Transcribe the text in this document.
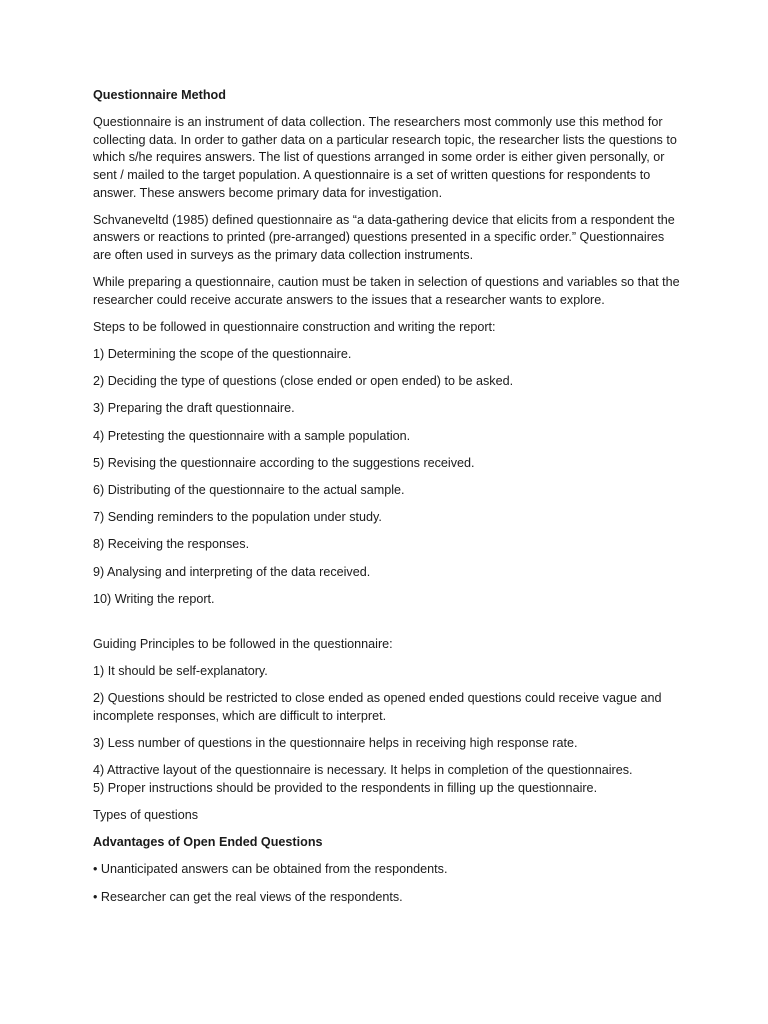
Questionnaire Method
Questionnaire is an instrument of data collection. The researchers most commonly use this method for collecting data. In order to gather data on a particular research topic, the researcher lists the questions to which s/he requires answers. The list of questions arranged in some order is either given personally, or sent / mailed to the target population. A questionnaire is a set of written questions for respondents to answer. These answers become primary data for investigation.
Schvaneveltd (1985) defined questionnaire as “a data-gathering device that elicits from a respondent the answers or reactions to printed (pre-arranged) questions presented in a specific order.” Questionnaires are often used in surveys as the primary data collection instruments.
While preparing a questionnaire, caution must be taken in selection of questions and variables so that the researcher could receive accurate answers to the issues that a researcher wants to explore.
Steps to be followed in questionnaire construction and writing the report:
1) Determining the scope of the questionnaire.
2) Deciding the type of questions (close ended or open ended) to be asked.
3) Preparing the draft questionnaire.
4) Pretesting the questionnaire with a sample population.
5) Revising the questionnaire according to the suggestions received.
6) Distributing of the questionnaire to the actual sample.
7) Sending reminders to the population under study.
8) Receiving the responses.
9) Analysing and interpreting of the data received.
10) Writing the report.
Guiding Principles to be followed in the questionnaire:
1) It should be self-explanatory.
2) Questions should be restricted to close ended as opened ended questions could receive vague and incomplete responses, which are difficult to interpret.
3) Less number of questions in the questionnaire helps in receiving high response rate.
4) Attractive layout of the questionnaire is necessary. It helps in completion of the questionnaires.
5) Proper instructions should be provided to the respondents in filling up the questionnaire.
Types of questions
Advantages of Open Ended Questions
• Unanticipated answers can be obtained from the respondents.
• Researcher can get the real views of the respondents.
